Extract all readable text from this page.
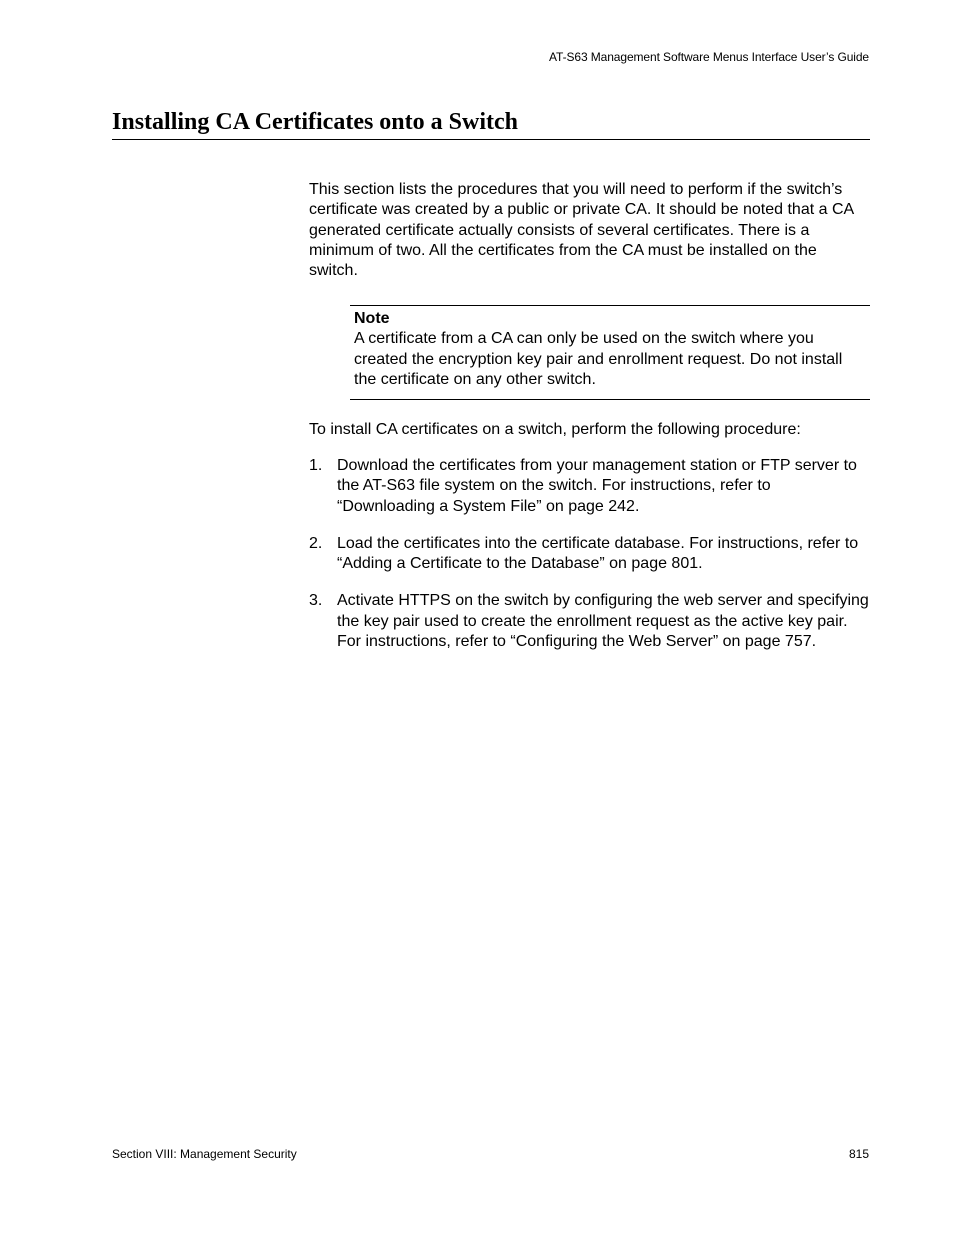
AT-S63 Management Software Menus Interface User’s Guide
Installing CA Certificates onto a Switch

This section lists the procedures that you will need to perform if the switch’s certificate was created by a public or private CA. It should be noted that a CA generated certificate actually consists of several certificates. There is a minimum of two. All the certificates from the CA must be installed on the switch.

Note
A certificate from a CA can only be used on the switch where you created the encryption key pair and enrollment request. Do not install the certificate on any other switch.

To install CA certificates on a switch, perform the following procedure:

1. Download the certificates from your management station or FTP server to the AT-S63 file system on the switch. For instructions, refer to “Downloading a System File” on page 242.
2. Load the certificates into the certificate database. For instructions, refer to “Adding a Certificate to the Database” on page 801.
3. Activate HTTPS on the switch by configuring the web server and specifying the key pair used to create the enrollment request as the active key pair. For instructions, refer to “Configuring the Web Server” on page 757.
Section VIII: Management Security	815
